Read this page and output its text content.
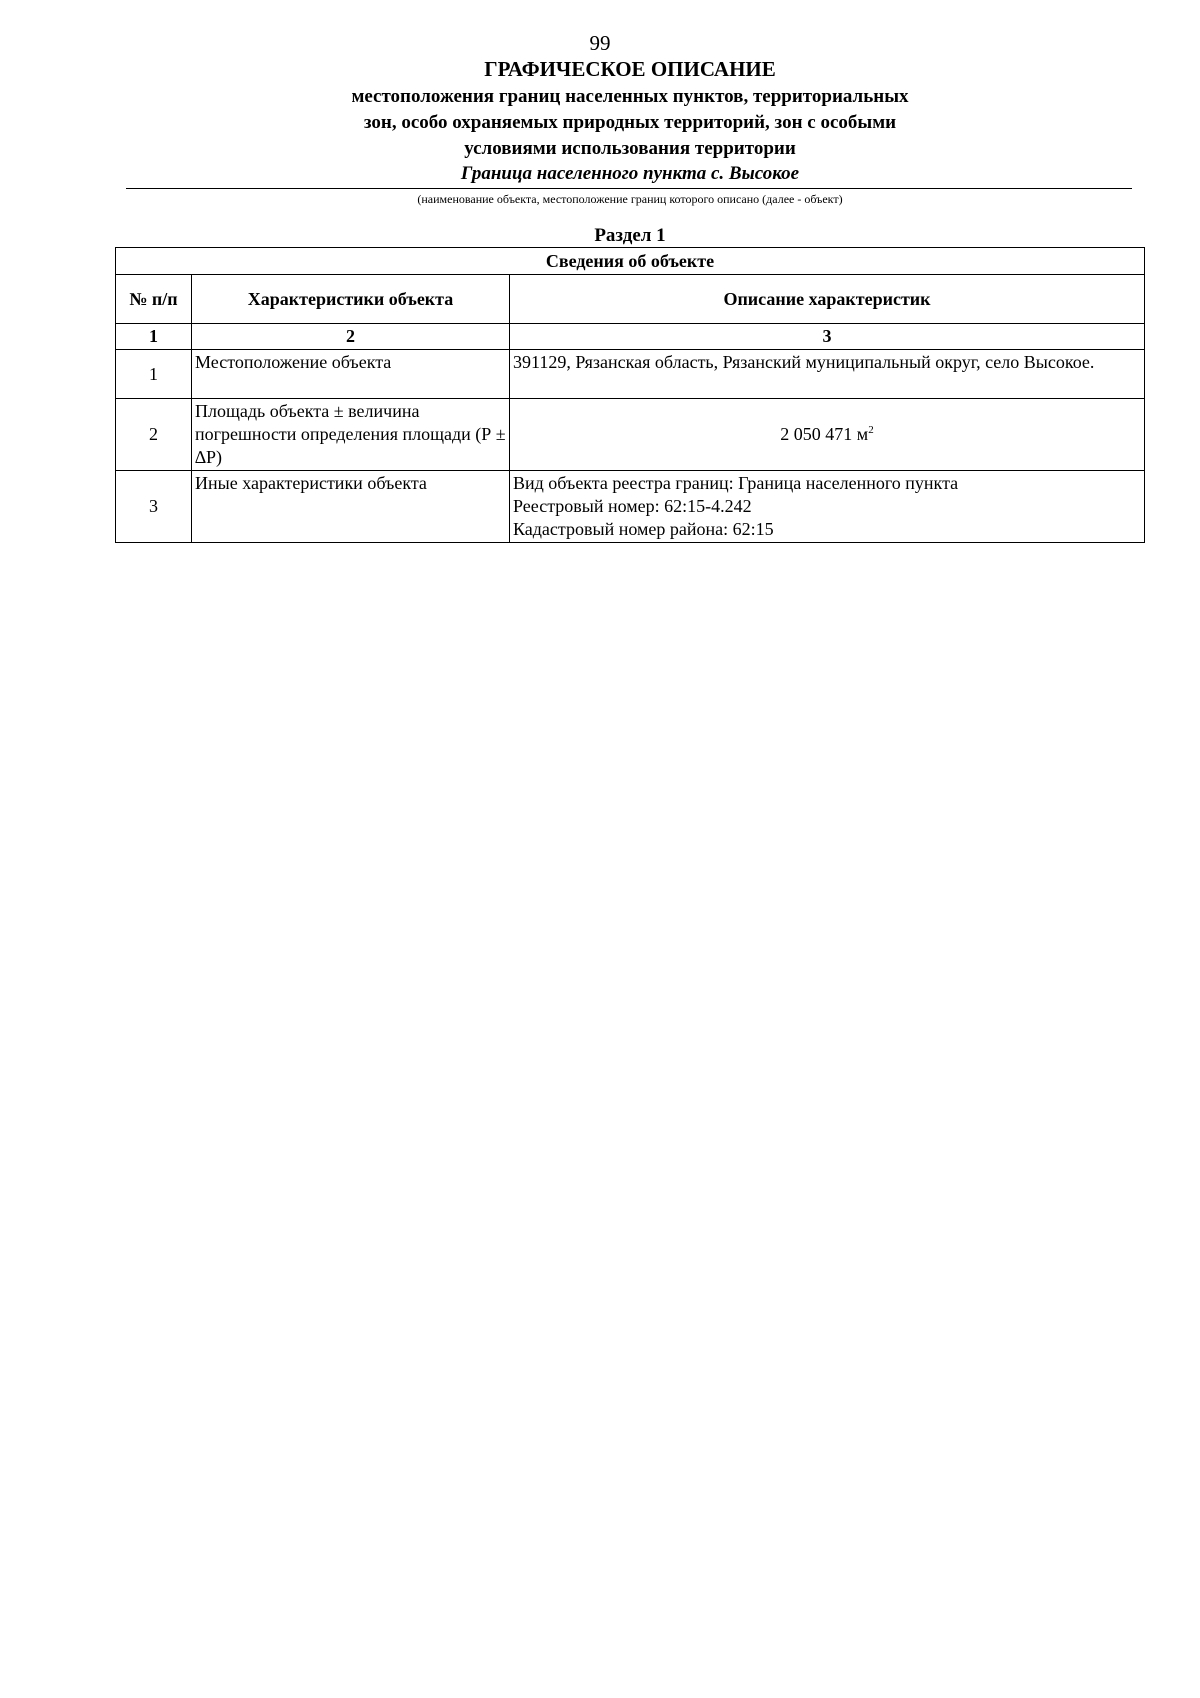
99
ГРАФИЧЕСКОЕ ОПИСАНИЕ
местоположения границ населенных пунктов, территориальных
зон, особо охраняемых природных территорий, зон с особыми
условиями использования территории
Граница населенного пункта с. Высокое
(наименование объекта, местоположение границ которого описано (далее - объект)
Раздел 1
Сведения об объекте		
№ п/п	Характеристики объекта	Описание характеристик
1	2	3
1	Местоположение объекта	391129, Рязанская область, Рязанский муниципальный округ, село Высокое.

2	Площадь объекта ± величина погрешности определения площади (Р ± ∆Р)	2 050 471 $м^2$
3	Иные характеристики объекта	Вид объекта реестра границ: Граница населенного пункта
Реестровый номер: 62:15-4.242
Кадастровый номер района: 62:15
